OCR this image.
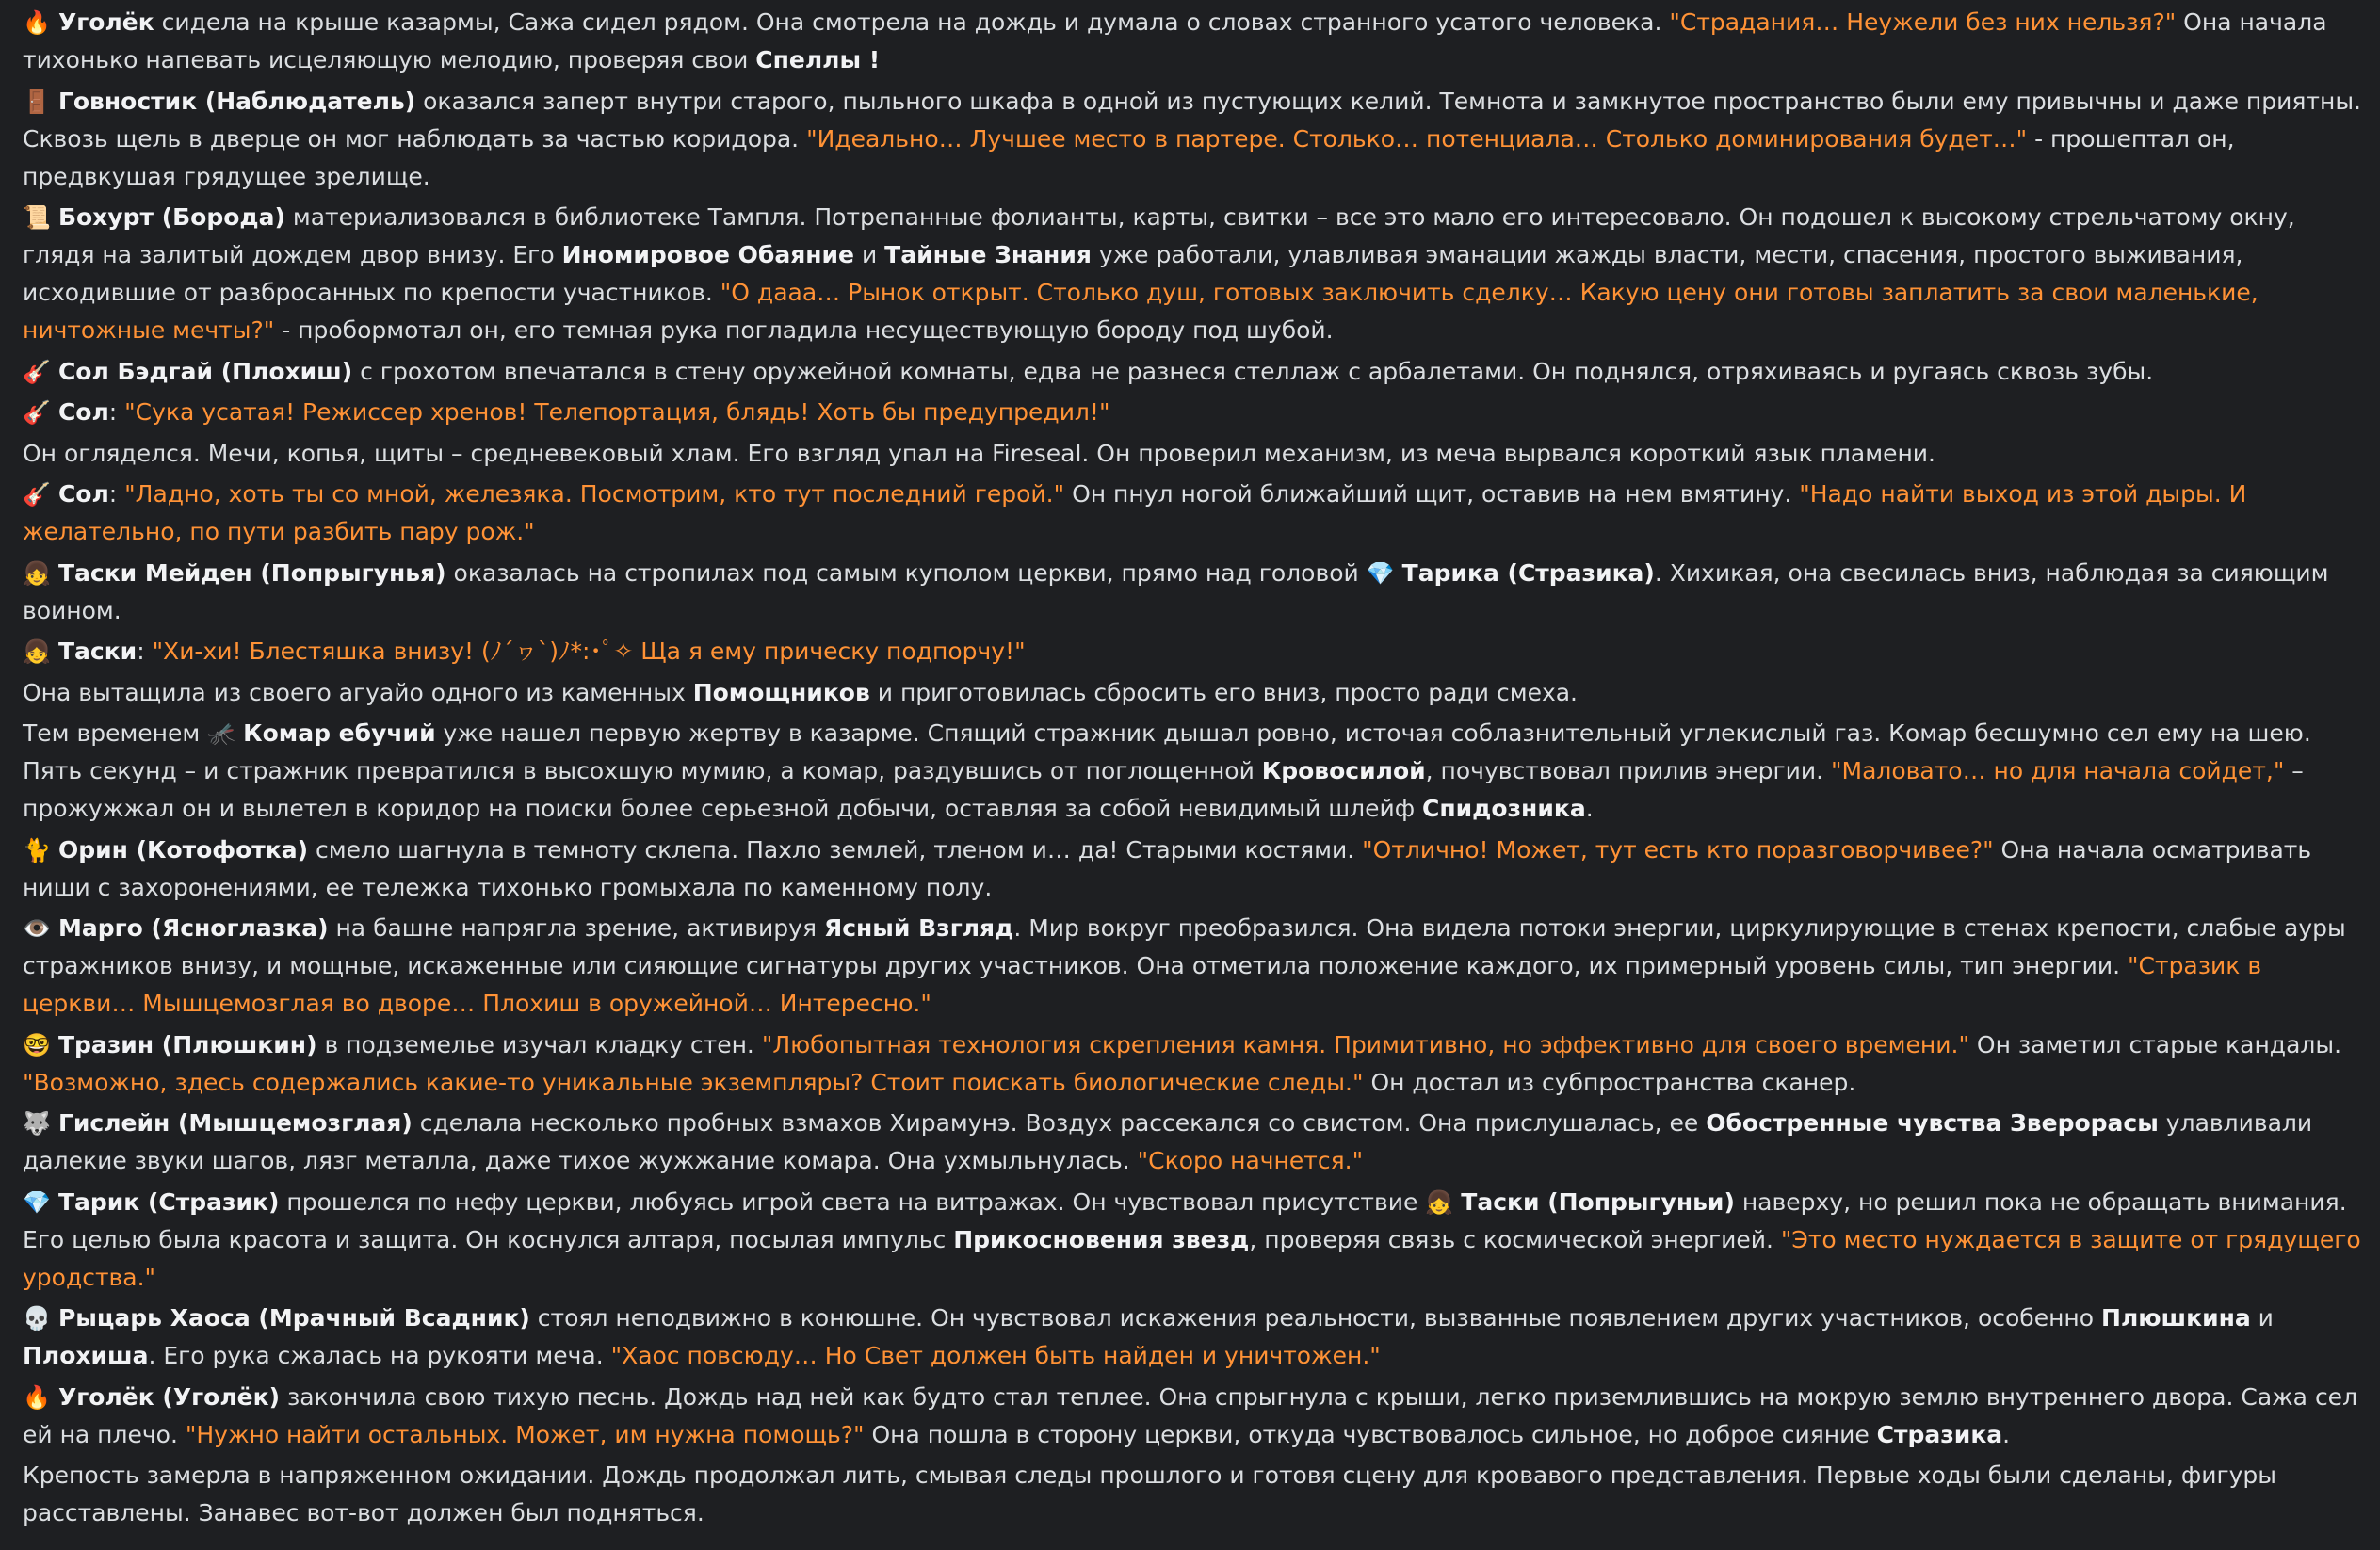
🔥 Уголёк сидела на крыше казармы, Сажа сидел рядом. Она смотрела на дождь и думала о словах странного усатого человека. "Страдания… Неужели без них нельзя?" Она начала тихонько напевать исцеляющую мелодию, проверяя свои Спеллы !
🚪 Говностик (Наблюдатель) оказался заперт внутри старого, пыльного шкафа в одной из пустующих келий. Темнота и замкнутое пространство были ему привычны и даже приятны. Сквозь щель в дверце он мог наблюдать за частью коридора. "Идеально… Лучшее место в партере. Столько… потенциала… Столько доминирования будет…" - прошептал он, предвкушая грядущее зрелище.
📜 Бохурт (Борода) материализовался в библиотеке Тампля. Потрепанные фолианты, карты, свитки – все это мало его интересовало. Он подошел к высокому стрельчатому окну, глядя на залитый дождем двор внизу. Его Иномировое Обаяние и Тайные Знания уже работали, улавливая эманации жажды власти, мести, спасения, простого выживания, исходившие от разбросанных по крепости участников. "О дааа… Рынок открыт. Столько душ, готовых заключить сделку… Какую цену они готовы заплатить за свои маленькие, ничтожные мечты?" - пробормотал он, его темная рука погладила несуществующую бороду под шубой.
🎸 Сол Бэдгай (Плохиш) с грохотом впечатался в стену оружейной комнаты, едва не разнеся стеллаж с арбалетами. Он поднялся, отряхиваясь и ругаясь сквозь зубы.
🎸 Сол: "Сука усатая! Режиссер хренов! Телепортация, блядь! Хоть бы предупредил!"
Он огляделся. Мечи, копья, щиты – средневековый хлам. Его взгляд упал на Fireseal. Он проверил механизм, из меча вырвался короткий язык пламени.
🎸 Сол: "Ладно, хоть ты со мной, железяка. Посмотрим, кто тут последний герой." Он пнул ногой ближайший щит, оставив на нем вмятину. "Надо найти выход из этой дыры. И желательно, по пути разбить пару рож."
👧 Таски Мейден (Попрыгунья) оказалась на стропилах под самым куполом церкви, прямо над головой 💎 Тарика (Стразика). Хихикая, она свесилась вниз, наблюдая за сияющим воином.
👧 Таски: "Хи-хи! Блестяшка внизу! (ﾉ´ヮ`)ﾉ*:･ﾟ✧ Ща я ему прическу подпорчу!"
Она вытащила из своего агуайо одного из каменных Помощников и приготовилась сбросить его вниз, просто ради смеха.
Тем временем 🦟 Комар ебучий уже нашел первую жертву в казарме. Спящий стражник дышал ровно, источая соблазнительный углекислый газ. Комар бесшумно сел ему на шею. Пять секунд – и стражник превратился в высохшую мумию, а комар, раздувшись от поглощенной Кровосилой, почувствовал прилив энергии. "Маловато… но для начала сойдет," – прожужжал он и вылетел в коридор на поиски более серьезной добычи, оставляя за собой невидимый шлейф Спидозника.
🐈 Орин (Котофотка) смело шагнула в темноту склепа. Пахло землей, тленом и… да! Старыми костями. "Отлично! Может, тут есть кто поразговорчивее?" Она начала осматривать ниши с захоронениями, ее тележка тихонько громыхала по каменному полу.
👁️ Марго (Ясноглазка) на башне напрягла зрение, активируя Ясный Взгляд. Мир вокруг преобразился. Она видела потоки энергии, циркулирующие в стенах крепости, слабые ауры стражников внизу, и мощные, искаженные или сияющие сигнатуры других участников. Она отметила положение каждого, их примерный уровень силы, тип энергии. "Стразик в церкви… Мышцемозглая во дворе… Плохиш в оружейной… Интересно."
🤓 Тразин (Плюшкин) в подземелье изучал кладку стен. "Любопытная технология скрепления камня. Примитивно, но эффективно для своего времени." Он заметил старые кандалы. "Возможно, здесь содержались какие-то уникальные экземпляры? Стоит поискать биологические следы." Он достал из субпространства сканер.
🐺 Гислейн (Мышцемозглая) сделала несколько пробных взмахов Хирамунэ. Воздух рассекался со свистом. Она прислушалась, ее Обостренные чувства Зверорасы улавливали далекие звуки шагов, лязг металла, даже тихое жужжание комара. Она ухмыльнулась. "Скоро начнется."
💎 Тарик (Стразик) прошелся по нефу церкви, любуясь игрой света на витражах. Он чувствовал присутствие 👧 Таски (Попрыгуньи) наверху, но решил пока не обращать внимания. Его целью была красота и защита. Он коснулся алтаря, посылая импульс Прикосновения звезд, проверяя связь с космической энергией. "Это место нуждается в защите от грядущего уродства."
💀 Рыцарь Хаоса (Мрачный Всадник) стоял неподвижно в конюшне. Он чувствовал искажения реальности, вызванные появлением других участников, особенно Плюшкина и Плохиша. Его рука сжалась на рукояти меча. "Хаос повсюду… Но Свет должен быть найден и уничтожен."
🔥 Уголёк (Уголёк) закончила свою тихую песнь. Дождь над ней как будто стал теплее. Она спрыгнула с крыши, легко приземлившись на мокрую землю внутреннего двора. Сажа сел ей на плечо. "Нужно найти остальных. Может, им нужна помощь?" Она пошла в сторону церкви, откуда чувствовалось сильное, но доброе сияние Стразика.
Крепость замерла в напряженном ожидании. Дождь продолжал лить, смывая следы прошлого и готовя сцену для кровавого представления. Первые ходы были сделаны, фигуры расставлены. Занавес вот-вот должен был подняться.
